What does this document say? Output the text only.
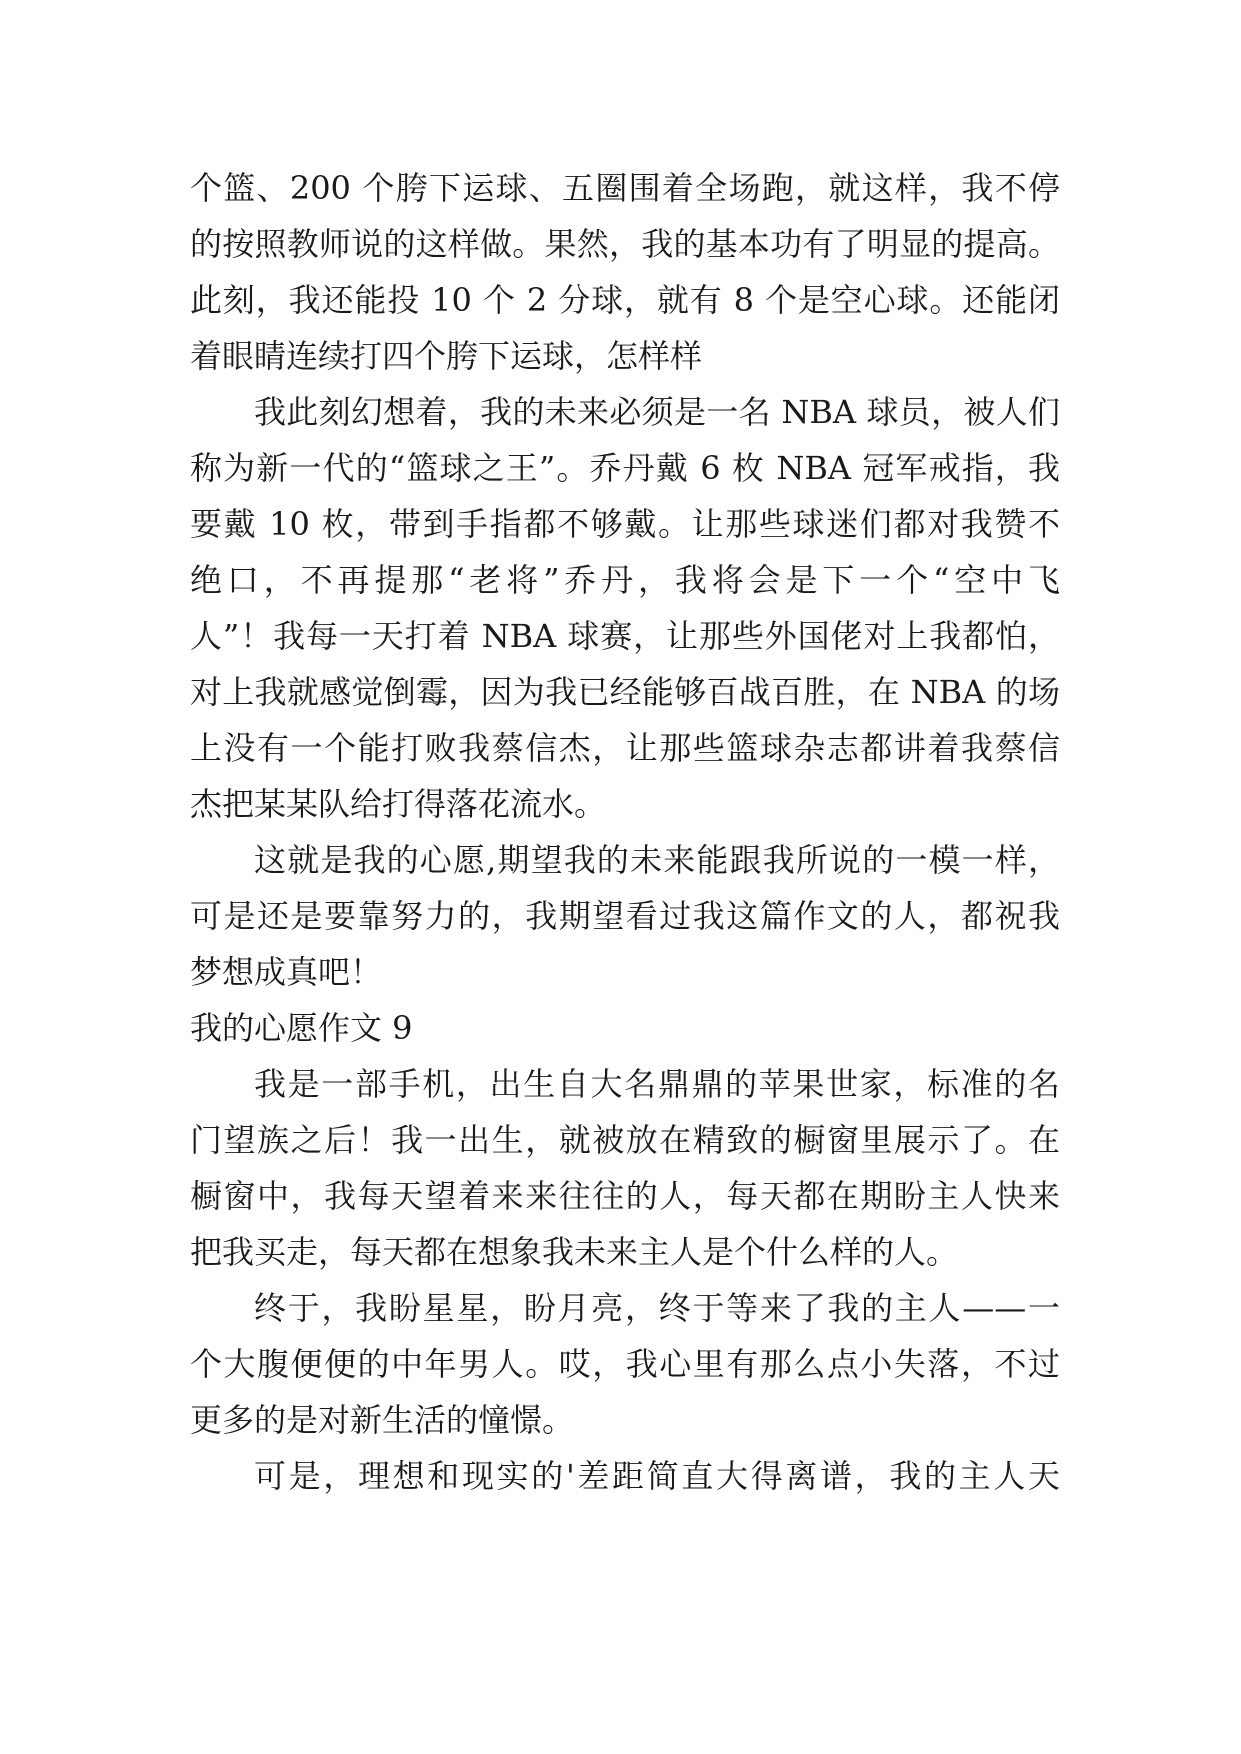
个篮、200 个胯下运球、五圈围着全场跑，就这样，我不停
的按照教师说的这样做。果然，我的基本功有了明显的提高。
此刻，我还能投 10 个 2 分球，就有 8 个是空心球。还能闭
着眼睛连续打四个胯下运球，怎样样
我此刻幻想着，我的未来必须是一名 NBA 球员，被人们
称为新一代的“篮球之王”。乔丹戴 6 枚 NBA 冠军戒指，我
要戴 10 枚，带到手指都不够戴。让那些球迷们都对我赞不
绝口，不再提那“老将”乔丹，我将会是下一个“空中飞
人”！我每一天打着 NBA 球赛，让那些外国佬对上我都怕，
对上我就感觉倒霉，因为我已经能够百战百胜，在 NBA 的场
上没有一个能打败我蔡信杰，让那些篮球杂志都讲着我蔡信
杰把某某队给打得落花流水。
这就是我的心愿,期望我的未来能跟我所说的一模一样，
可是还是要靠努力的，我期望看过我这篇作文的人，都祝我
梦想成真吧！
我的心愿作文 9
我是一部手机，出生自大名鼎鼎的苹果世家，标准的名
门望族之后！我一出生，就被放在精致的橱窗里展示了。在
橱窗中，我每天望着来来往往的人，每天都在期盼主人快来
把我买走，每天都在想象我未来主人是个什么样的人。
终于，我盼星星，盼月亮，终于等来了我的主人——一
个大腹便便的中年男人。哎，我心里有那么点小失落，不过
更多的是对新生活的憧憬。
可是，理想和现实的'差距简直大得离谱，我的主人天
